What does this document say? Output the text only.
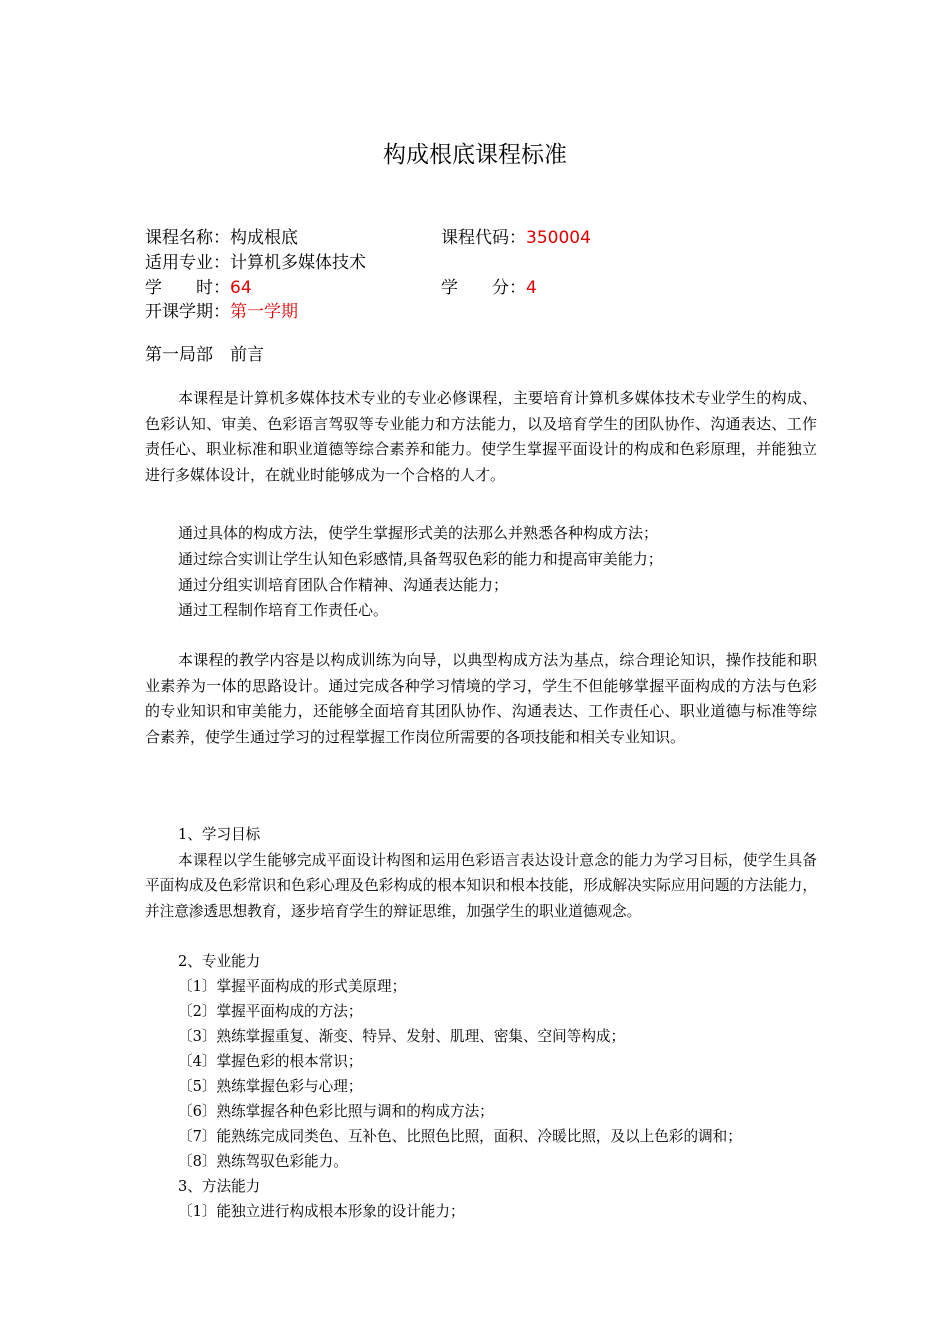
构成根底课程标准
课程名称：构成根底	课程代码：350004
适用专业：计算机多媒体技术
学　　时：64	学　　分：4
开课学期：第一学期
第一局部　前言

本课程是计算机多媒体技术专业的专业必修课程，主要培育计算机多媒体技术专业学生的构成、色彩认知、审美、色彩语言驾驭等专业能力和方法能力，以及培育学生的团队协作、沟通表达、工作责任心、职业标准和职业道德等综合素养和能力。使学生掌握平面设计的构成和色彩原理，并能独立进行多媒体设计，在就业时能够成为一个合格的人才。

通过具体的构成方法，使学生掌握形式美的法那么并熟悉各种构成方法；
通过综合实训让学生认知色彩感情,具备驾驭色彩的能力和提高审美能力；
通过分组实训培育团队合作精神、沟通表达能力；
通过工程制作培育工作责任心。

本课程的教学内容是以构成训练为向导，以典型构成方法为基点，综合理论知识，操作技能和职业素养为一体的思路设计。通过完成各种学习情境的学习，学生不但能够掌握平面构成的方法与色彩的专业知识和审美能力，还能够全面培育其团队协作、沟通表达、工作责任心、职业道德与标准等综合素养，使学生通过学习的过程掌握工作岗位所需要的各项技能和相关专业知识。

1、学习目标

本课程以学生能够完成平面设计构图和运用色彩语言表达设计意念的能力为学习目标，使学生具备平面构成及色彩常识和色彩心理及色彩构成的根本知识和根本技能，形成解决实际应用问题的方法能力，并注意渗透思想教育，逐步培育学生的辩证思维，加强学生的职业道德观念。

2、专业能力
〔1〕掌握平面构成的形式美原理；
〔2〕掌握平面构成的方法；
〔3〕熟练掌握重复、渐变、特异、发射、肌理、密集、空间等构成；
〔4〕掌握色彩的根本常识；
〔5〕熟练掌握色彩与心理；
〔6〕熟练掌握各种色彩比照与调和的构成方法；
〔7〕能熟练完成同类色、互补色、比照色比照，面积、冷暖比照，及以上色彩的调和；
〔8〕熟练驾驭色彩能力。
3、方法能力
〔1〕能独立进行构成根本形象的设计能力；
